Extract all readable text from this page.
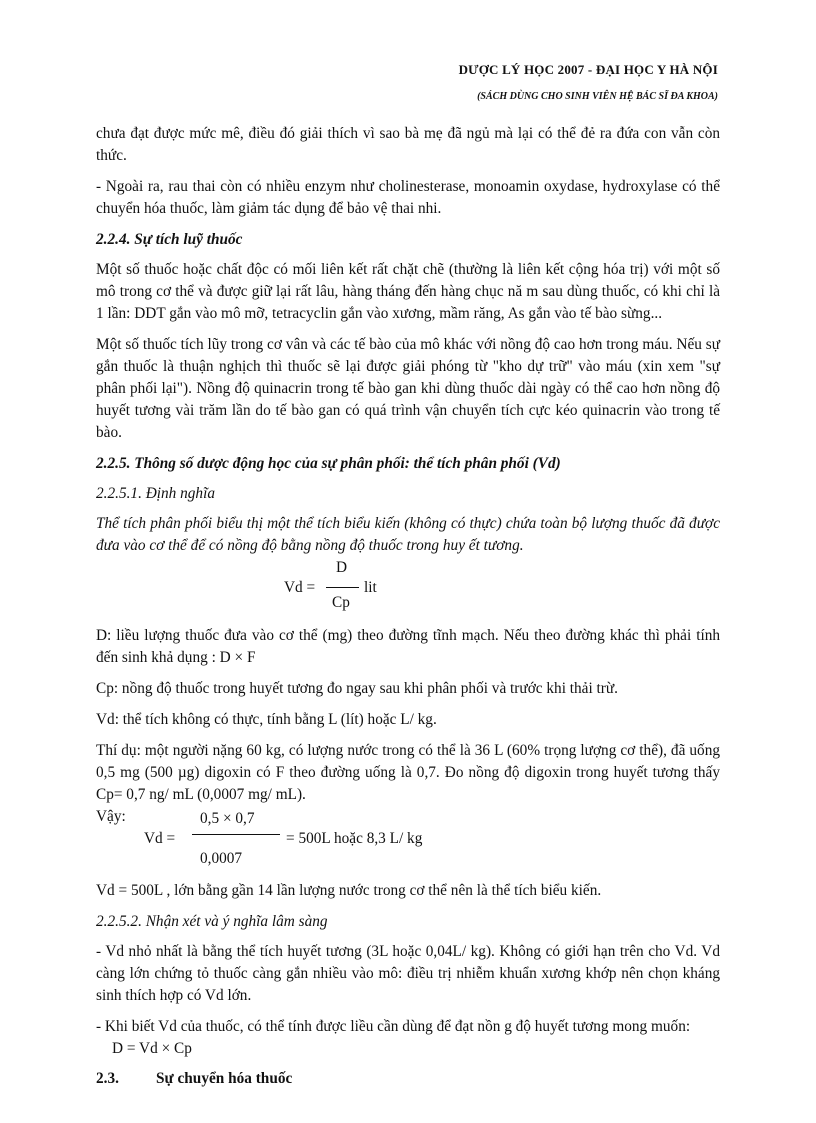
DƯỢC LÝ HỌC 2007 - ĐẠI HỌC Y HÀ NỘI
(SÁCH DÙNG CHO SINH VIÊN HỆ BÁC SĨ ĐA KHOA)

chưa đạt được mức mê, điều đó giải thích vì sao bà mẹ đã ngủ mà lại có thể đẻ ra đứa con vẫn còn thức.

- Ngoài ra, rau thai còn có nhiều enzym như cholinesterase, monoamin oxydase, hydroxylase có thể chuyển hóa thuốc, làm giảm tác dụng để bảo vệ thai nhi.

2.2.4. Sự tích luỹ thuốc

Một số thuốc hoặc chất độc có mối liên kết rất chặt chẽ (thường là liên kết cộng hóa trị) với một số mô trong cơ thể và được giữ lại rất lâu, hàng tháng đến hàng chục nă m sau dùng thuốc, có khi chỉ là 1 lần: DDT gắn vào mô mỡ, tetracyclin gắn vào xương, mầm răng, As gắn vào tế bào sừng...

Một số thuốc tích lũy trong cơ vân và các tế bào của mô khác với nồng độ cao hơn trong máu. Nếu sự gắn thuốc là thuận nghịch thì thuốc sẽ lại được giải phóng từ "kho dự trữ" vào máu (xin xem "sự phân phối lại"). Nồng độ quinacrin trong tế bào gan khi dùng thuốc dài ngày có thể cao hơn nồng độ huyết tương vài trăm lần do tế bào gan có quá trình vận chuyển tích cực kéo quinacrin vào trong tế bào.

2.2.5. Thông số dược động học của sự phân phối: thể tích phân phối (Vd)
2.2.5.1. Định nghĩa

Thể tích phân phối biểu thị một thể tích biểu kiến (không có thực) chứa toàn bộ lượng thuốc đã được đưa vào cơ thể để có nồng độ bằng nồng độ thuốc trong huy ết tương.

Vd =
D
Cp
lit

D: liều lượng thuốc đưa vào cơ thể (mg) theo đường tĩnh mạch. Nếu theo đường khác thì phải tính đến sinh khả dụng : D × F

Cp: nồng độ thuốc trong huyết tương đo ngay sau khi phân phối và trước khi thải trừ.

Vd: thể tích không có thực, tính bằng L (lít) hoặc L/ kg.

Thí dụ: một người nặng 60 kg, có lượng nước trong có thể là 36 L (60% trọng lượng cơ thể), đã uống 0,5 mg (500 µg) digoxin có F theo đường uống là 0,7. Đo nồng độ digoxin trong huyết tương thấy Cp= 0,7 ng/ mL (0,0007 mg/ mL).

Vậy:
Vd =
0,5 × 0,7
0,0007
= 500L hoặc 8,3 L/ kg

Vd = 500L , lớn bằng gần 14 lần lượng nước trong cơ thể nên là thể tích biểu kiến.

2.2.5.2. Nhận xét và ý nghĩa lâm sàng

- Vd nhỏ nhất là bằng thể tích huyết tương (3L hoặc 0,04L/ kg). Không có giới hạn trên cho Vd. Vd càng lớn chứng tỏ thuốc càng gắn nhiều vào mô: điều trị nhiễm khuẩn xương khớp nên chọn kháng sinh thích hợp có Vd lớn.

- Khi biết Vd của thuốc, có thể tính được liều cần dùng để đạt nồn g độ huyết tương mong muốn:

D = Vd × Cp
2.3. Sự chuyển hóa thuốc
